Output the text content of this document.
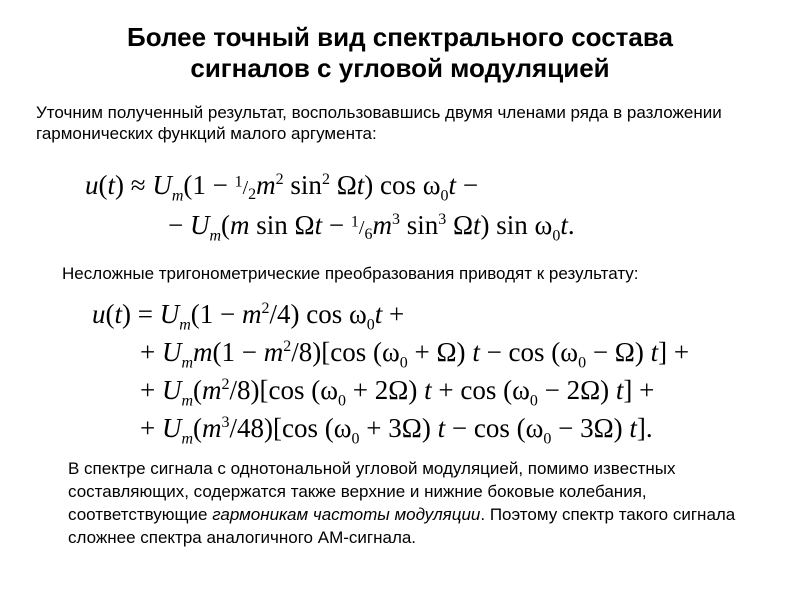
Более точный вид спектрального состава
сигналов с угловой модуляцией
Уточним полученный результат, воспользовавшись двумя членами ряда в разложении гармонических функций малого аргумента:
$u(t) \approx U_m(1 - ^1/_2m^2$ $\sin^2 \Omega t$) $\cos \omega_0t$ −
− $U_m(m$ $\sin \Omega t - ^1/_6m^3$ $\sin^3 \Omega t$) $\sin \omega_0t$.
Несложные тригонометрические преобразования приводят к результату:
$u(t) = U_m(1 - m^2/4)$ $\cos \omega_0t$ +
+ $U_mm(1 - m^2/8)[\cos$ $(\omega_0 + \Omega) t - \cos (\omega_0 - \Omega) t$] +
+ $U_m(m^2/8)[\cos$ $(\omega_0 + 2\Omega) t + \cos (\omega_0 - 2\Omega) t$] +
+ $U_m(m^3/48)[\cos$ $(\omega_0 + 3\Omega) t - \cos (\omega_0 - 3\Omega)$ t].
В спектре сигнала с однотональной угловой модуляцией, помимо известных составляющих, содержатся также верхние и нижние боковые колебания, соответствующие гармоникам частоты модуляции. Поэтому спектр такого сигнала сложнее спектра аналогичного АМ-сигнала.
